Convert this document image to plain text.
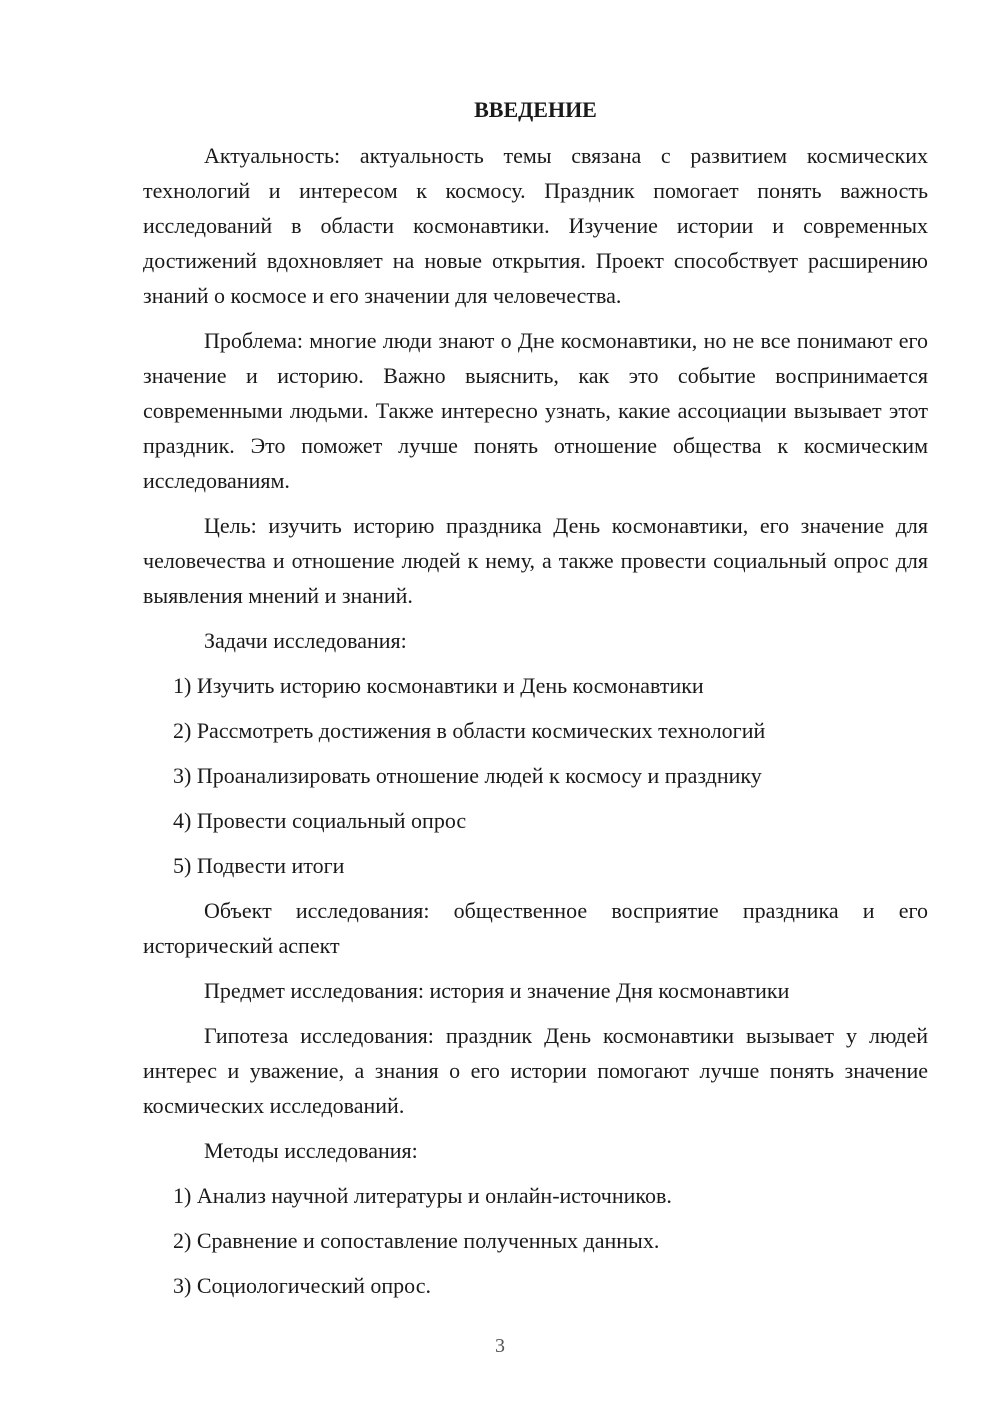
ВВЕДЕНИЕ

Актуальность: актуальность темы связана с развитием космических технологий и интересом к космосу. Праздник помогает понять важность исследований в области космонавтики. Изучение истории и современных достижений вдохновляет на новые открытия. Проект способствует расширению знаний о космосе и его значении для человечества.

Проблема: многие люди знают о Дне космонавтики, но не все понимают его значение и историю. Важно выяснить, как это событие воспринимается современными людьми. Также интересно узнать, какие ассоциации вызывает этот праздник. Это поможет лучше понять отношение общества к космическим исследованиям.

Цель: изучить историю праздника День космонавтики, его значение для человечества и отношение людей к нему, а также провести социальный опрос для выявления мнений и знаний.

Задачи исследования:

1) Изучить историю космонавтики и День космонавтики
2) Рассмотреть достижения в области космических технологий
3) Проанализировать отношение людей к космосу и празднику
4) Провести социальный опрос
5) Подвести итоги

Объект исследования: общественное восприятие праздника и его исторический аспект

Предмет исследования: история и значение Дня космонавтики

Гипотеза исследования: праздник День космонавтики вызывает у людей интерес и уважение, а знания о его истории помогают лучше понять значение космических исследований.

Методы исследования:

1) Анализ научной литературы и онлайн-источников.
2) Сравнение и сопоставление полученных данных.
3) Социологический опрос.
3
